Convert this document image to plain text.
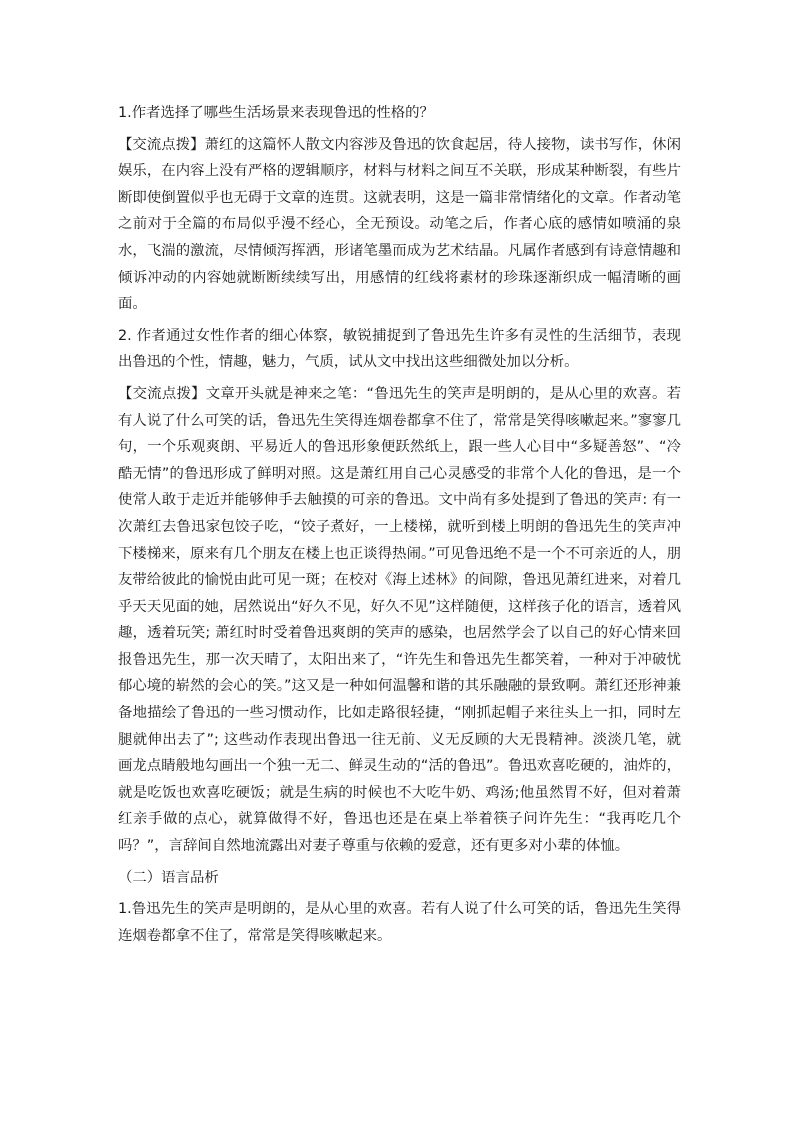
1.作者选择了哪些生活场景来表现鲁迅的性格的？

【交流点拨】萧红的这篇怀人散文内容涉及鲁迅的饮食起居，待人接物，读书写作，休闲娱乐，在内容上没有严格的逻辑顺序，材料与材料之间互不关联，形成某种断裂，有些片断即使倒置似乎也无碍于文章的连贯。这就表明，这是一篇非常情绪化的文章。作者动笔之前对于全篇的布局似乎漫不经心，全无预设。动笔之后，作者心底的感情如喷涌的泉水，飞湍的激流，尽情倾泻挥洒，形诸笔墨而成为艺术结晶。凡属作者感到有诗意情趣和倾诉冲动的内容她就断断续续写出，用感情的红线将素材的珍珠逐渐织成一幅清晰的画面。

2. 作者通过女性作者的细心体察，敏锐捕捉到了鲁迅先生许多有灵性的生活细节，表现出鲁迅的个性，情趣，魅力，气质，试从文中找出这些细微处加以分析。

【交流点拨】文章开头就是神来之笔：“鲁迅先生的笑声是明朗的，是从心里的欢喜。若有人说了什么可笑的话，鲁迅先生笑得连烟卷都拿不住了，常常是笑得咳嗽起来。”寥寥几句，一个乐观爽朗、平易近人的鲁迅形象便跃然纸上，跟一些人心目中“多疑善怒”、“冷酷无情”的鲁迅形成了鲜明对照。这是萧红用自己心灵感受的非常个人化的鲁迅，是一个使常人敢于走近并能够伸手去触摸的可亲的鲁迅。文中尚有多处提到了鲁迅的笑声: 有一次萧红去鲁迅家包饺子吃，“饺子煮好，一上楼梯，就听到楼上明朗的鲁迅先生的笑声冲下楼梯来，原来有几个朋友在楼上也正谈得热闹。”可见鲁迅绝不是一个不可亲近的人，朋友带给彼此的愉悦由此可见一斑；在校对《海上述林》的间隙，鲁迅见萧红进来，对着几乎天天见面的她，居然说出“好久不见，好久不见”这样随便，这样孩子化的语言，透着风趣，透着玩笑; 萧红时时受着鲁迅爽朗的笑声的感染，也居然学会了以自己的好心情来回报鲁迅先生，那一次天晴了，太阳出来了，“许先生和鲁迅先生都笑着，一种对于冲破忧郁心境的崭然的会心的笑。”这又是一种如何温馨和谐的其乐融融的景致啊。萧红还形神兼备地描绘了鲁迅的一些习惯动作，比如走路很轻捷，“刚抓起帽子来往头上一扣，同时左腿就伸出去了”; 这些动作表现出鲁迅一往无前、义无反顾的大无畏精神。淡淡几笔，就画龙点睛般地勾画出一个独一无二、鲜灵生动的“活的鲁迅”。鲁迅欢喜吃硬的，油炸的，就是吃饭也欢喜吃硬饭；就是生病的时候也不大吃牛奶、鸡汤;他虽然胃不好，但对着萧红亲手做的点心，就算做得不好，鲁迅也还是在桌上举着筷子问许先生：“我再吃几个吗？”，言辞间自然地流露出对妻子尊重与依赖的爱意，还有更多对小辈的体恤。

（二）语言品析

1.鲁迅先生的笑声是明朗的，是从心里的欢喜。若有人说了什么可笑的话，鲁迅先生笑得连烟卷都拿不住了，常常是笑得咳嗽起来。
